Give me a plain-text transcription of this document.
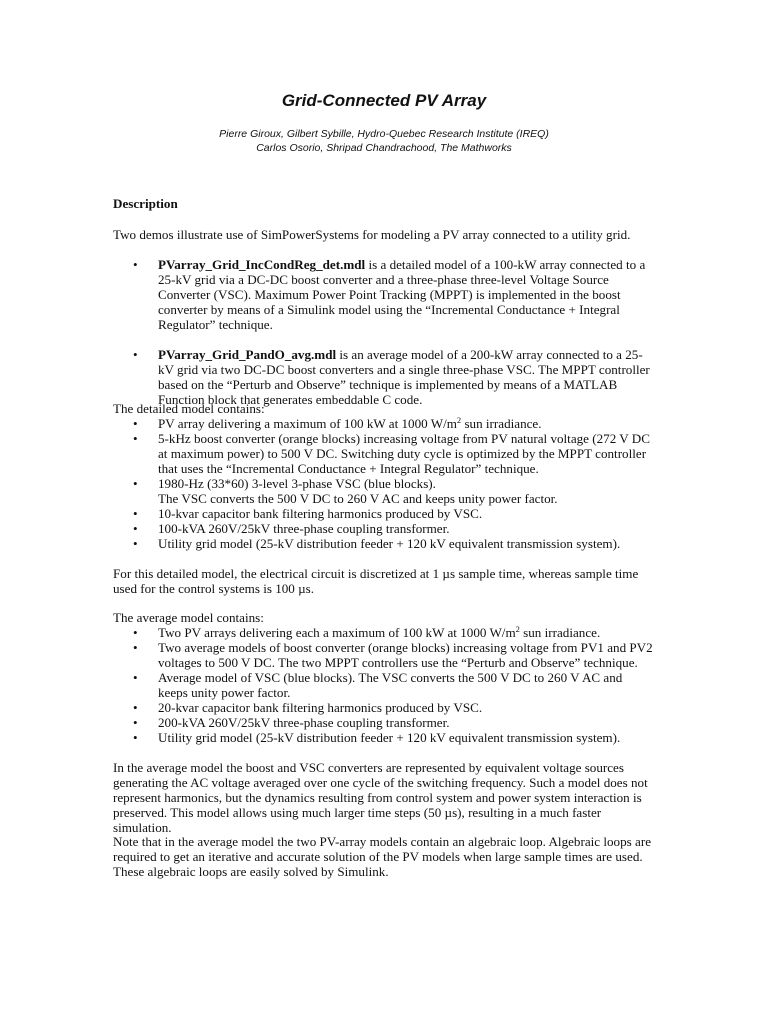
Grid-Connected PV Array
Pierre Giroux, Gilbert Sybille, Hydro-Quebec Research Institute (IREQ)
Carlos Osorio, Shripad Chandrachood, The Mathworks
Description
Two demos illustrate use of SimPowerSystems for modeling a PV array connected to a utility grid.
• PVarray_Grid_IncCondReg_det.mdl is a detailed model of a 100-kW array connected to a 25-kV grid via a DC-DC boost converter and a three-phase three-level Voltage Source Converter (VSC). Maximum Power Point Tracking (MPPT) is implemented in the boost converter by means of a Simulink model using the “Incremental Conductance + Integral Regulator” technique.
• PVarray_Grid_PandO_avg.mdl is an average model of a 200-kW array connected to a 25-kV grid via two DC-DC boost converters and a single three-phase VSC. The MPPT controller based on the “Perturb and Observe” technique is implemented by means of a MATLAB Function block that generates embeddable C code.
The detailed model contains:
• PV array delivering a maximum of 100 kW at 1000 $W/m^2$ sun irradiance.
• 5-kHz boost converter (orange blocks) increasing voltage from PV natural voltage (272 V DC at maximum power) to 500 V DC. Switching duty cycle is optimized by the MPPT controller that uses the “Incremental Conductance + Integral Regulator” technique.
• 1980-Hz (33*60) 3-level 3-phase VSC (blue blocks).
The VSC converts the 500 V DC to 260 V AC and keeps unity power factor.
• 10-kvar capacitor bank filtering harmonics produced by VSC.
• 100-kVA 260V/25kV three-phase coupling transformer.
• Utility grid model (25-kV distribution feeder + 120 kV equivalent transmission system).
For this detailed model, the electrical circuit is discretized at 1 µs sample time, whereas sample time used for the control systems is 100 µs.
The average model contains:
• Two PV arrays delivering each a maximum of 100 kW at 1000 $W/m^2$ sun irradiance.
• Two average models of boost converter (orange blocks) increasing voltage from PV1 and PV2 voltages to 500 V DC. The two MPPT controllers use the “Perturb and Observe” technique.
• Average model of VSC (blue blocks). The VSC converts the 500 V DC to 260 V AC and keeps unity power factor.
• 20-kvar capacitor bank filtering harmonics produced by VSC.
• 200-kVA 260V/25kV three-phase coupling transformer.
• Utility grid model (25-kV distribution feeder + 120 kV equivalent transmission system).
In the average model the boost and VSC converters are represented by equivalent voltage sources generating the AC voltage averaged over one cycle of the switching frequency. Such a model does not represent harmonics, but the dynamics resulting from control system and power system interaction is preserved. This model allows using much larger time steps (50 µs), resulting in a much faster simulation.
Note that in the average model the two PV-array models contain an algebraic loop. Algebraic loops are required to get an iterative and accurate solution of the PV models when large sample times are used. These algebraic loops are easily solved by Simulink.
